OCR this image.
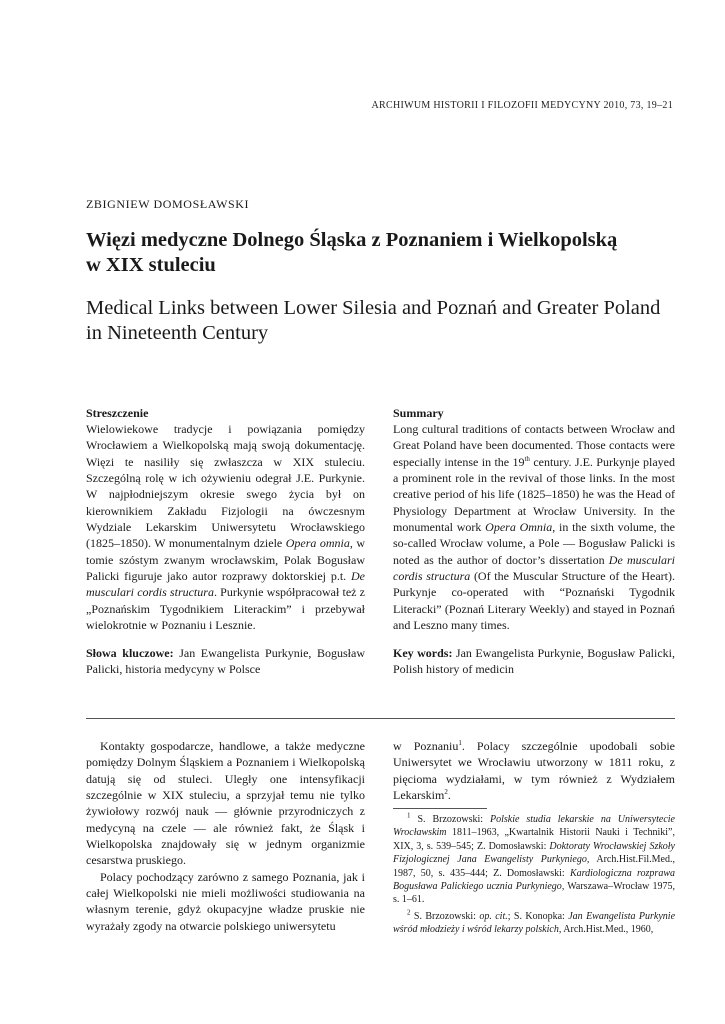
ARCHIWUM HISTORII I FILOZOFII MEDYCYNY 2010, 73, 19–21
ZBIGNIEW DOMOSŁAWSKI
Więzi medyczne Dolnego Śląska z Poznaniem i Wielkopolską
w XIX stuleciu
Medical Links between Lower Silesia and Poznań and Greater Poland
in Nineteenth Century
Streszczenie
Wielowiekowe tradycje i powiązania pomiędzy Wrocławiem a Wielkopolską mają swoją dokumentację. Więzi te nasiliły się zwłaszcza w XIX stuleciu. Szczególną rolę w ich ożywieniu odegrał J.E. Purkynie. W najpłodniejszym okresie swego życia był on kierownikiem Zakładu Fizjologii na ówczesnym Wydziale Lekarskim Uniwersytetu Wrocławskiego (1825–1850). W monumentalnym dziele Opera omnia, w tomie szóstym zwanym wrocławskim, Polak Bogusław Palicki figuruje jako autor rozprawy doktorskiej p.t. De musculari cordis structura. Purkynie współpracował też z „Poznańskim Tygodnikiem Literackim” i przebywał wielokrotnie w Poznaniu i Lesznie.
Słowa kluczowe: Jan Ewangelista Purkynie, Bogusław Palicki, historia medycyny w Polsce
Summary
Long cultural traditions of contacts between Wrocław and Great Poland have been documented. Those contacts were especially intense in the 19th century. J.E. Purkynje played a prominent role in the revival of those links. In the most creative period of his life (1825–1850) he was the Head of Physiology Department at Wrocław University. In the monumental work Opera Omnia, in the sixth volume, the so-called Wrocław volume, a Pole — Bogusław Palicki is noted as the author of doctor’s dissertation De musculari cordis structura (Of the Muscular Structure of the Heart). Purkynje co-operated with “Poznański Tygodnik Literacki” (Poznań Literary Weekly) and stayed in Poznań and Leszno many times.
Key words: Jan Ewangelista Purkynie, Bogusław Palicki, Polish history of medicin

Kontakty gospodarcze, handlowe, a także medyczne pomiędzy Dolnym Śląskiem a Poznaniem i Wielkopolską datują się od stuleci. Uległy one intensyfikacji szczególnie w XIX stuleciu, a sprzyjał temu nie tylko żywiołowy rozwój nauk — głównie przyrodniczych z medycyną na czele — ale również fakt, że Śląsk i Wielkopolska znajdowały się w jednym organizmie cesarstwa pruskiego.

Polacy pochodzący zarówno z samego Poznania, jak i całej Wielkopolski nie mieli możliwości studiowania na własnym terenie, gdyż okupacyjne władze pruskie nie wyrażały zgody na otwarcie polskiego uniwersytetu

w Poznaniu$^1$. Polacy szczególnie upodobali sobie Uniwersytet we Wrocławiu utworzony w 1811 roku, z pięcioma wydziałami, w tym również z Wydziałem Lekarskim$^2$.

$^1$ S. Brzozowski: Polskie studia lekarskie na Uniwersytecie Wrocławskim 1811–1963, „Kwartalnik Historii Nauki i Techniki”, XIX, 3, s. 539–545; Z. Domosławski: Doktoraty Wrocławskiej Szkoły Fizjologicznej Jana Ewangelisty Purkyniego, Arch.Hist.Fil.Med., 1987, 50, s. 435–444; Z. Domosławski: Kardiologiczna rozprawa Bogusława Palickiego ucznia Purkyniego, Warszawa–Wrocław 1975, s. 1–61.

$^2$ S. Brzozowski: op. cit.; S. Konopka: Jan Ewangelista Purkynie wśród młodzieży i wśród lekarzy polskich, Arch.Hist.Med., 1960,
